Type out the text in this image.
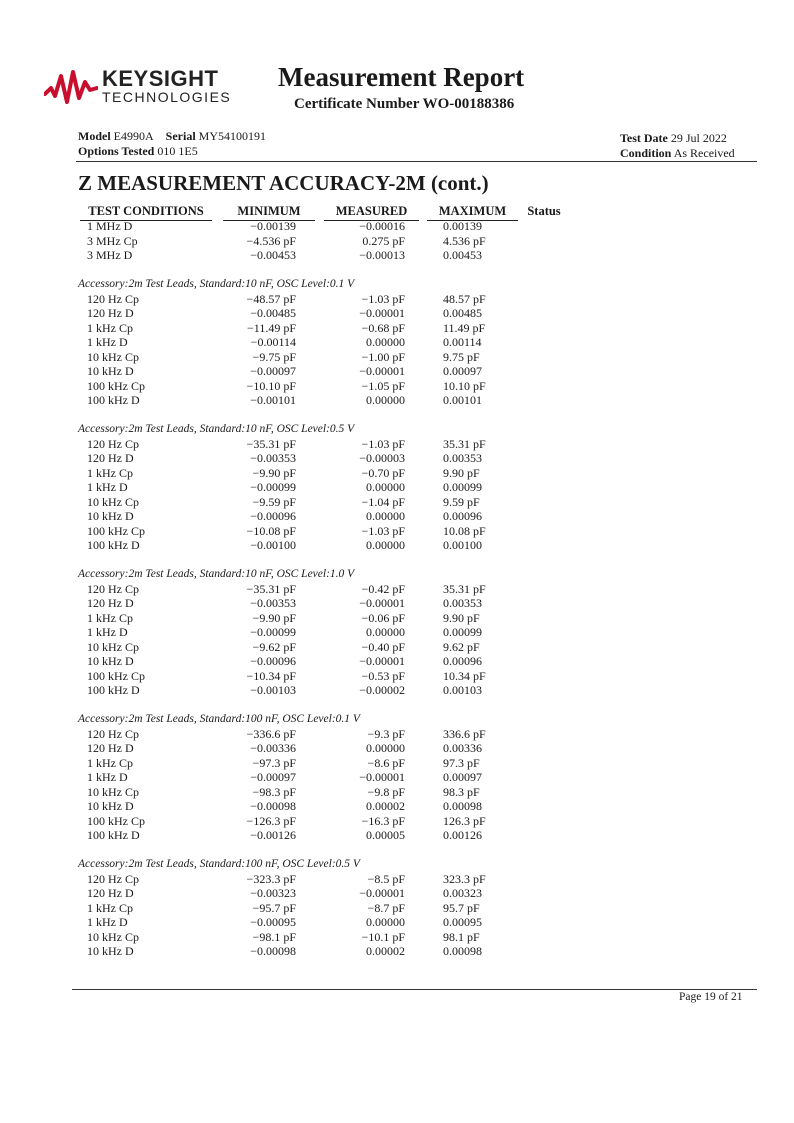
KEYSIGHT
TECHNOLOGIES
Measurement Report
Certificate Number WO-00188386
Model E4990A Serial MY54100191
Options Tested 010 1E5
Test Date 29 Jul 2022
Condition As Received
Z MEASUREMENT ACCURACY-2M (cont.)
TEST CONDITIONS	MINIMUM	MEASURED	MAXIMUM	Status
1 MHz D	−0.00139	−0.00016	0.00139
3 MHz Cp	−4.536 pF	0.275 pF	4.536 pF
3 MHz D	−0.00453	−0.00013	0.00453
Accessory:2m Test Leads, Standard:10 nF, OSC Level:0.1 V
120 Hz Cp	−48.57 pF	−1.03 pF	48.57 pF
120 Hz D	−0.00485	−0.00001	0.00485
1 kHz Cp	−11.49 pF	−0.68 pF	11.49 pF
1 kHz D	−0.00114	0.00000	0.00114
10 kHz Cp	−9.75 pF	−1.00 pF	9.75 pF
10 kHz D	−0.00097	−0.00001	0.00097
100 kHz Cp	−10.10 pF	−1.05 pF	10.10 pF
100 kHz D	−0.00101	0.00000	0.00101
Accessory:2m Test Leads, Standard:10 nF, OSC Level:0.5 V
120 Hz Cp	−35.31 pF	−1.03 pF	35.31 pF
120 Hz D	−0.00353	−0.00003	0.00353
1 kHz Cp	−9.90 pF	−0.70 pF	9.90 pF
1 kHz D	−0.00099	0.00000	0.00099
10 kHz Cp	−9.59 pF	−1.04 pF	9.59 pF
10 kHz D	−0.00096	0.00000	0.00096
100 kHz Cp	−10.08 pF	−1.03 pF	10.08 pF
100 kHz D	−0.00100	0.00000	0.00100
Accessory:2m Test Leads, Standard:10 nF, OSC Level:1.0 V
120 Hz Cp	−35.31 pF	−0.42 pF	35.31 pF
120 Hz D	−0.00353	−0.00001	0.00353
1 kHz Cp	−9.90 pF	−0.06 pF	9.90 pF
1 kHz D	−0.00099	0.00000	0.00099
10 kHz Cp	−9.62 pF	−0.40 pF	9.62 pF
10 kHz D	−0.00096	−0.00001	0.00096
100 kHz Cp	−10.34 pF	−0.53 pF	10.34 pF
100 kHz D	−0.00103	−0.00002	0.00103
Accessory:2m Test Leads, Standard:100 nF, OSC Level:0.1 V
120 Hz Cp	−336.6 pF	−9.3 pF	336.6 pF
120 Hz D	−0.00336	0.00000	0.00336
1 kHz Cp	−97.3 pF	−8.6 pF	97.3 pF
1 kHz D	−0.00097	−0.00001	0.00097
10 kHz Cp	−98.3 pF	−9.8 pF	98.3 pF
10 kHz D	−0.00098	0.00002	0.00098
100 kHz Cp	−126.3 pF	−16.3 pF	126.3 pF
100 kHz D	−0.00126	0.00005	0.00126
Accessory:2m Test Leads, Standard:100 nF, OSC Level:0.5 V
120 Hz Cp	−323.3 pF	−8.5 pF	323.3 pF
120 Hz D	−0.00323	−0.00001	0.00323
1 kHz Cp	−95.7 pF	−8.7 pF	95.7 pF
1 kHz D	−0.00095	0.00000	0.00095
10 kHz Cp	−98.1 pF	−10.1 pF	98.1 pF
10 kHz D	−0.00098	0.00002	0.00098
Page 19 of 21
